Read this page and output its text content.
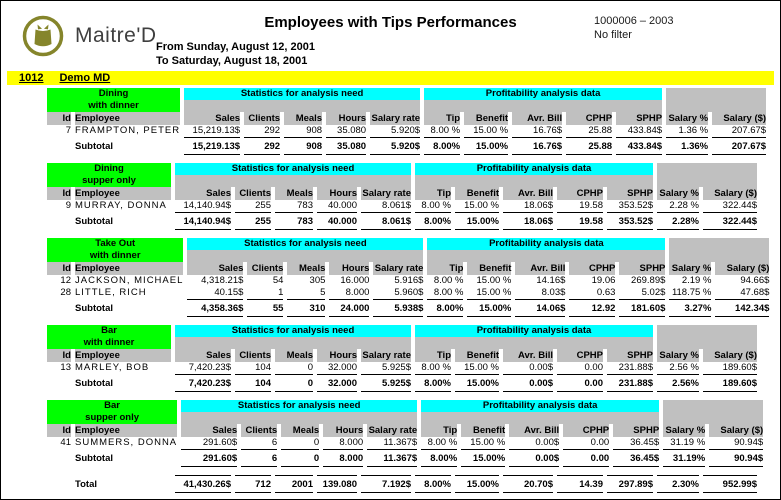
Maitre'D
Employees with Tips Performances
From Sunday, August 12, 2001
To Saturday, August 18, 2001
1000006 – 2003
No filter
1012 Demo MD
Dining
with dinner		Statistics for analysis need					Profitability analysis data						

Id	Employee	Sales	Clients	Meals	Hours	Salary rate	Tip	Benefit	Avr. Bill	CPHP	SPHP	Salary %	Salary ($)
7	FRAMPTON, PETER	15,219.13$	292	908	35.080	5.920$	8.00 %	15.00 %	16.76$	25.88	433.84$	1.36 %	207.67$
	Subtotal	15,219.13$	292	908	35.080	5.920$	8.00%	15.00%	16.76$	25.88	433.84$	1.36%	207.67$
Dining
supper only		Statistics for analysis need					Profitability analysis data						

Id	Employee	Sales	Clients	Meals	Hours	Salary rate	Tip	Benefit	Avr. Bill	CPHP	SPHP	Salary %	Salary ($)
9	MURRAY, DONNA	14,140.94$	255	783	40.000	8.061$	8.00 %	15.00 %	18.06$	19.58	353.52$	2.28 %	322.44$
	Subtotal	14,140.94$	255	783	40.000	8.061$	8.00%	15.00%	18.06$	19.58	353.52$	2.28%	322.44$
Take Out
with dinner		Statistics for analysis need					Profitability analysis data						

Id	Employee	Sales	Clients	Meals	Hours	Salary rate	Tip	Benefit	Avr. Bill	CPHP	SPHP	Salary %	Salary ($)
12	JACKSON, MICHAEL	4,318.21$	54	305	16.000	5.916$	8.00 %	15.00 %	14.16$	19.06	269.89$	2.19 %	94.66$
28	LITTLE, RICH	40.15$	1	5	8.000	5.960$	8.00 %	15.00 %	8.03$	0.63	5.02$	118.75 %	47.68$
	Subtotal	4,358.36$	55	310	24.000	5.938$	8.00%	15.00%	14.06$	12.92	181.60$	3.27%	142.34$
Bar
with dinner		Statistics for analysis need					Profitability analysis data						

Id	Employee	Sales	Clients	Meals	Hours	Salary rate	Tip	Benefit	Avr. Bill	CPHP	SPHP	Salary %	Salary ($)
13	MARLEY, BOB	7,420.23$	104	0	32.000	5.925$	8.00 %	15.00 %	0.00$	0.00	231.88$	2.56 %	189.60$
	Subtotal	7,420.23$	104	0	32.000	5.925$	8.00%	15.00%	0.00$	0.00	231.88$	2.56%	189.60$
Bar
supper only		Statistics for analysis need					Profitability analysis data						

Id	Employee	Sales	Clients	Meals	Hours	Salary rate	Tip	Benefit	Avr. Bill	CPHP	SPHP	Salary %	Salary ($)
41	SUMMERS, DONNA	291.60$	6	0	8.000	11.367$	8.00 %	15.00 %	0.00$	0.00	36.45$	31.19 %	90.94$
	Subtotal	291.60$	6	0	8.000	11.367$	8.00%	15.00%	0.00$	0.00	36.45$	31.19%	90.94$
	Total	41,430.26$	712	2001	139.080	7.192$	8.00%	15.00%	20.70$	14.39	297.89$	2.30%	952.99$
